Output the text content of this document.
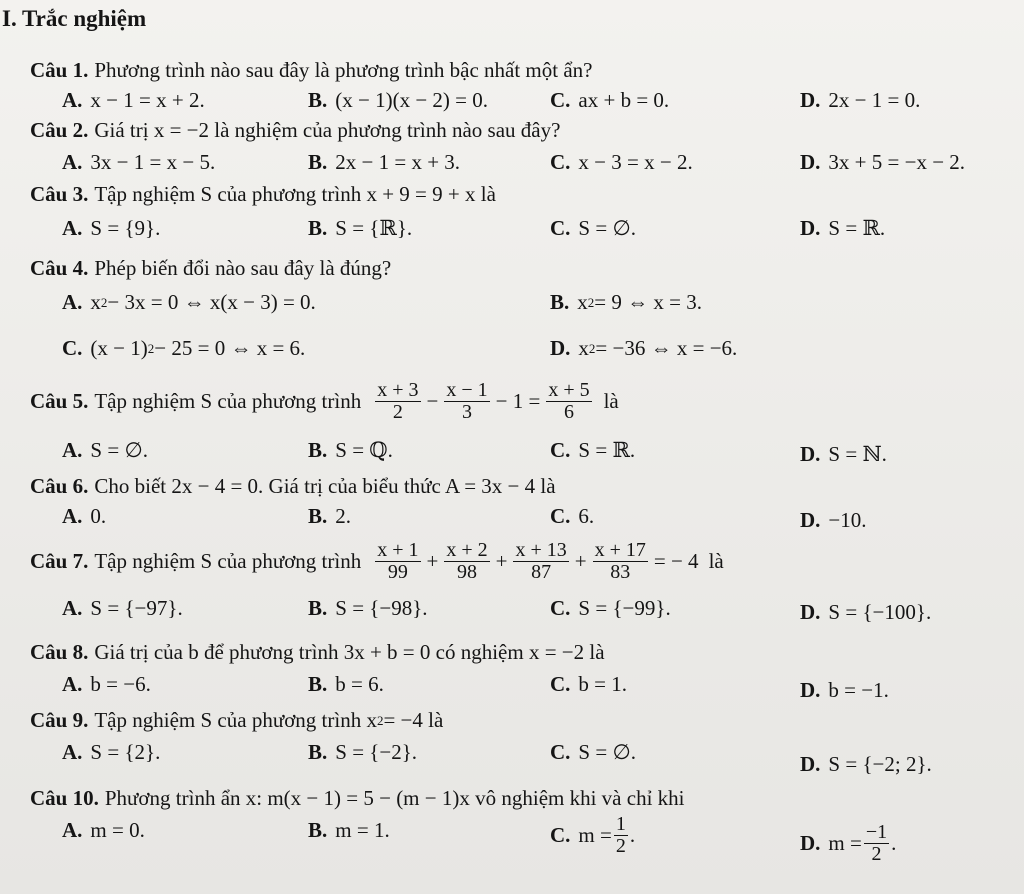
I. Trắc nghiệm
Câu 1. Phương trình nào sau đây là phương trình bậc nhất một ẩn?
A. x − 1 = x + 2.	B. (x − 1)(x − 2) = 0.	C. ax + b = 0.	D. 2x − 1 = 0.
Câu 2. Giá trị x = −2 là nghiệm của phương trình nào sau đây?
A. 3x − 1 = x − 5.	B. 2x − 1 = x + 3.	C. x − 3 = x − 2.	D. 3x + 5 = −x − 2.
Câu 3. Tập nghiệm S của phương trình x + 9 = 9 + x là
A. S = {9}.	B. S = {ℝ}.	C. S = ∅.	D. S = ℝ.
Câu 4. Phép biến đổi nào sau đây là đúng?
A. x 2 − 3x = 0 ⇔ x(x − 3) = 0.	B. x 2 = 9 ⇔ x = 3.
C. (x − 1) 2 − 25 = 0 ⇔ x = 6.	D. x 2 = −36 ⇔ x = −6.
Câu 5. Tập nghiệm S của phương trình $\frac{x + 3}{2} - \frac{x - 1}{3} - 1 = \frac{x + 5}{6}$ là
A. S = ∅.	B. S = ℚ.	C. S = ℝ.	D. S = ℕ.
Câu 6. Cho biết 2x − 4 = 0. Giá trị của biểu thức A = 3x − 4 là
A. 0.	B. 2.	C. 6.	D. −10.
Câu 7. Tập nghiệm S của phương trình $\frac{x + 1}{99} + \frac{x + 2}{98} + \frac{x + 13}{87} + \frac{x + 17}{83}$ = − 4 là
A. S = {−97}.	B. S = {−98}.	C. S = {−99}.	D. S = {−100}.
Câu 8. Giá trị của b để phương trình 3x + b = 0 có nghiệm x = −2 là
A. b = −6.	B. b = 6.	C. b = 1.	D. b = −1.
Câu 9. Tập nghiệm S của phương trình x 2 = −4 là
A. S = {2}.	B. S = {−2}.	C. S = ∅.	D. S = {−2; 2}.
Câu 10. Phương trình ẩn x: m(x − 1) = 5 − (m − 1)x vô nghiệm khi và chỉ khi
A. m = 0.	B. m = 1.	C. $m = \frac{1}{2}$ .	D. $m = \frac{-1}{2}$ .
